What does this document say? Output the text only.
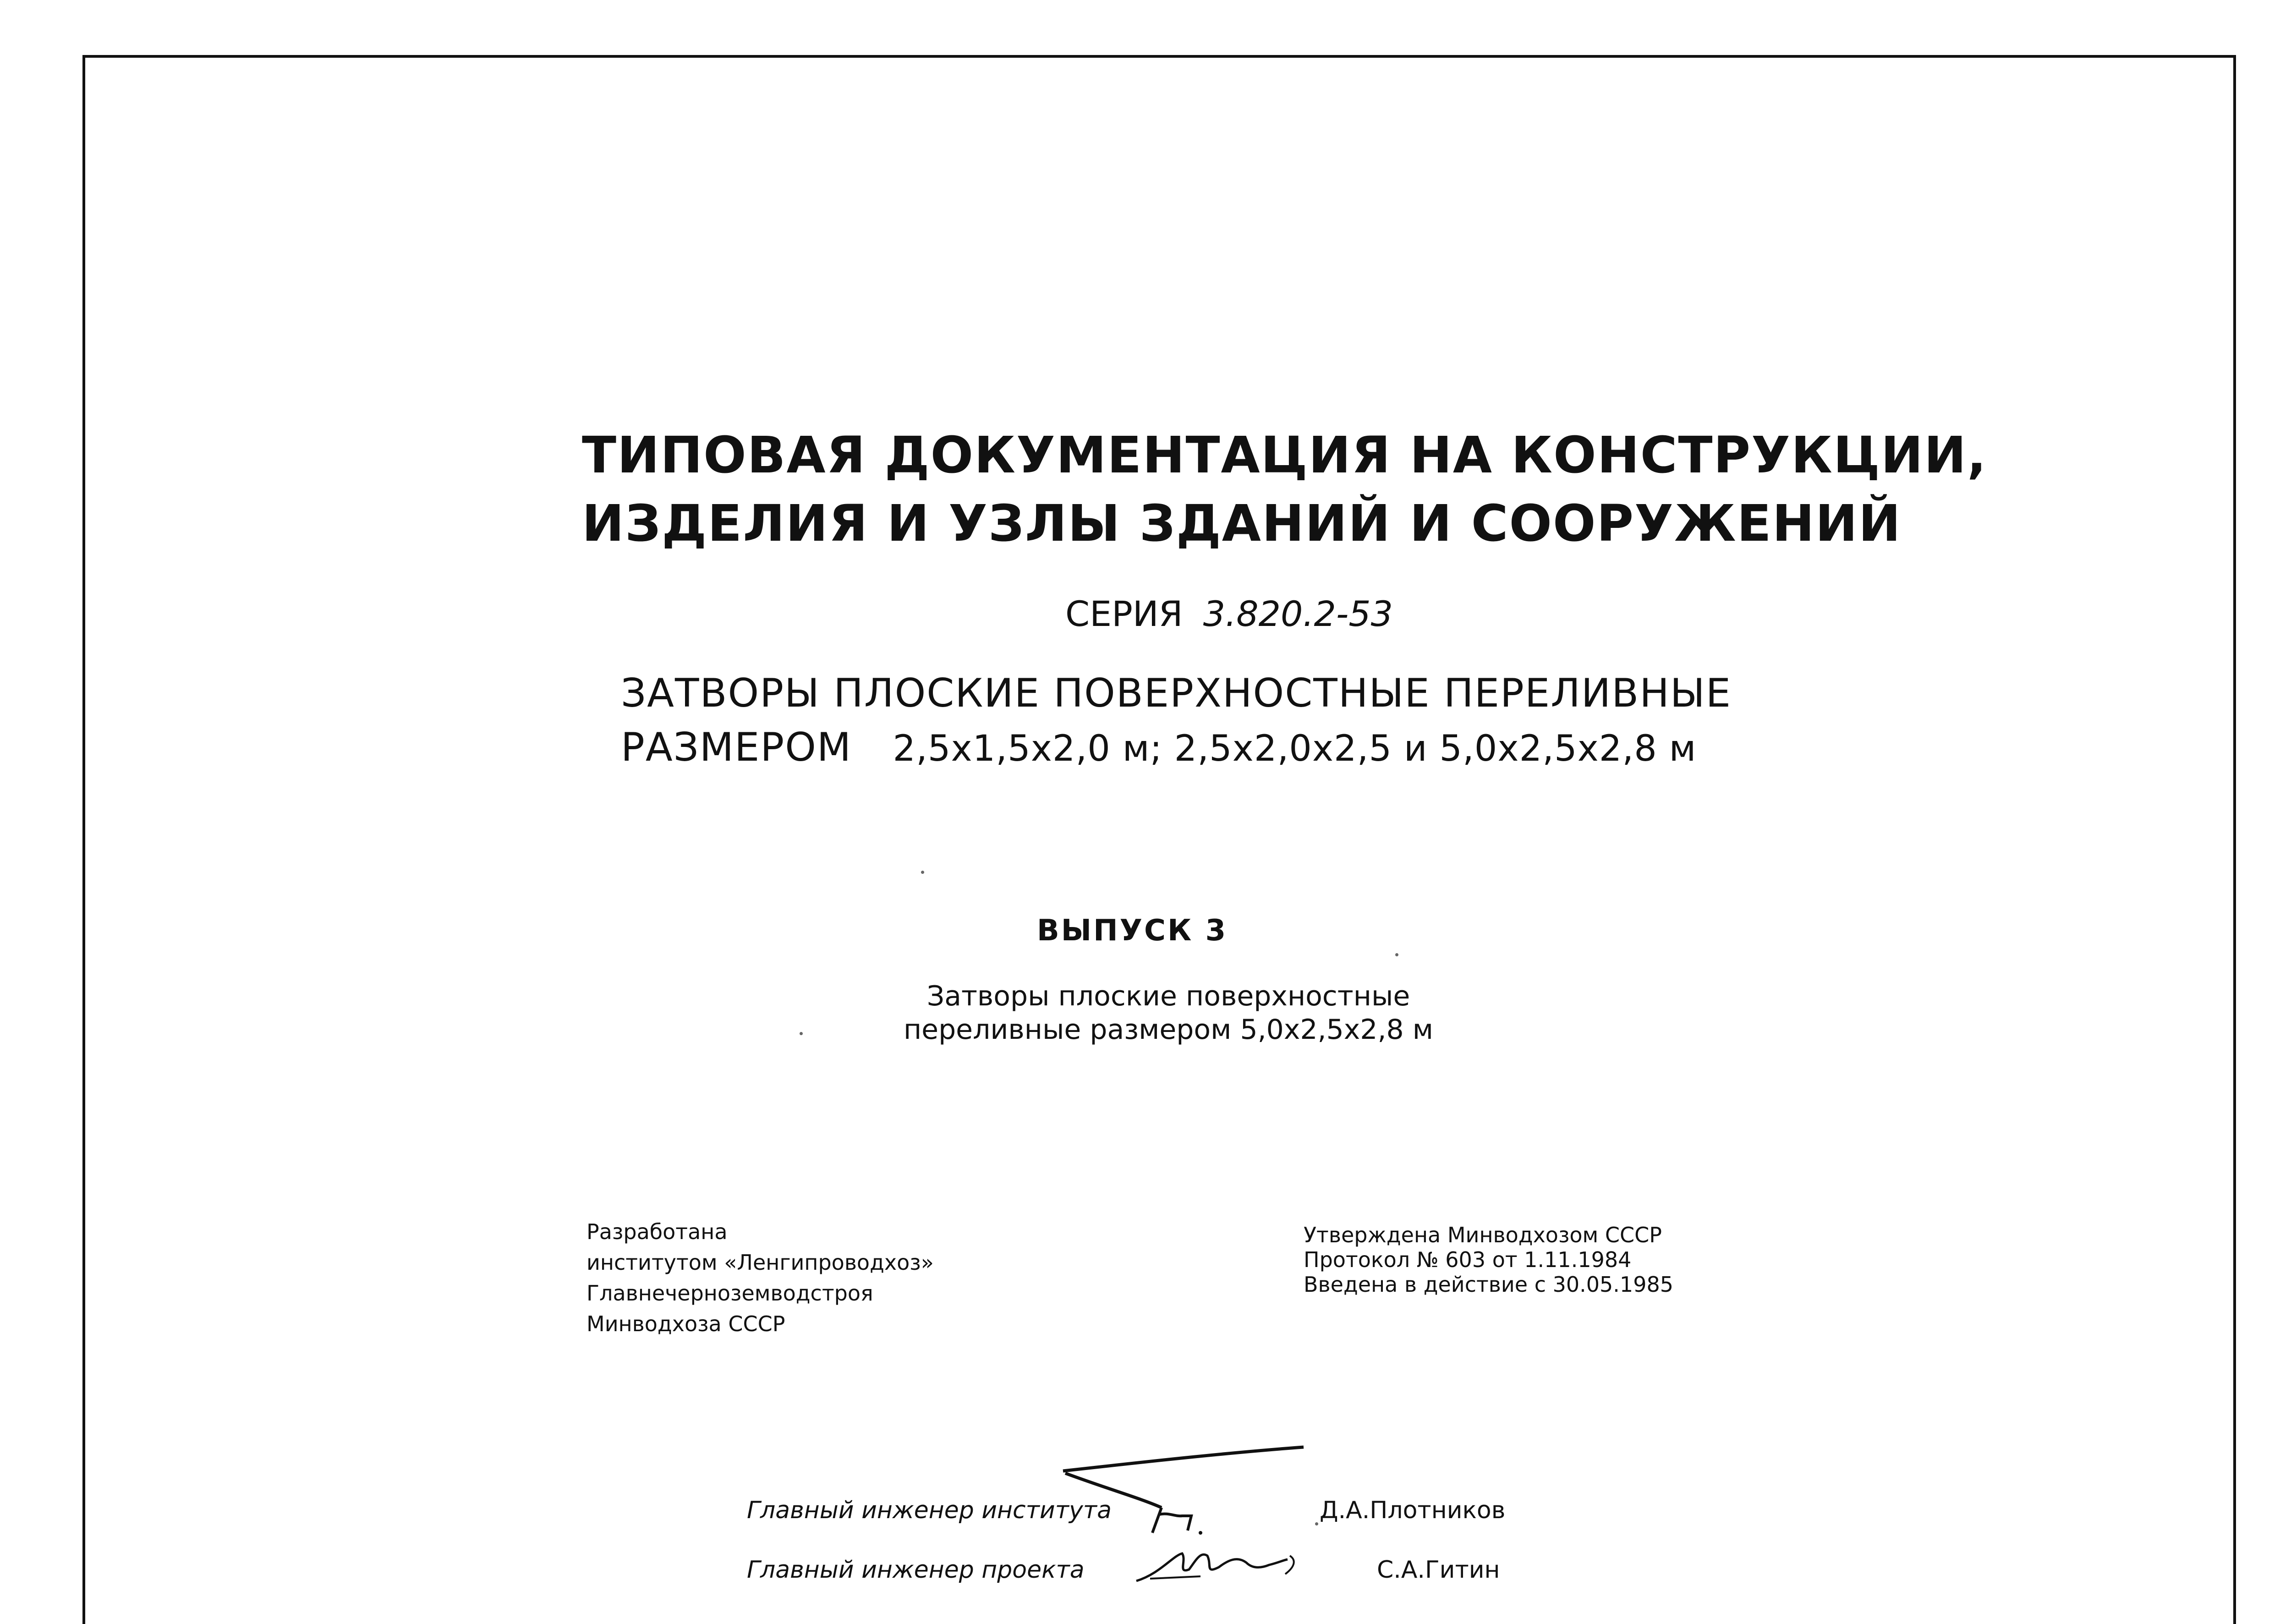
ТИПОВАЯ ДОКУМЕНТАЦИЯ НА КОНСТРУКЦИИ,
ИЗДЕЛИЯ И УЗЛЫ ЗДАНИЙ И СООРУЖЕНИЙ
СЕРИЯ 3.820.2-53
ЗАТВОРЫ ПЛОСКИЕ ПОВЕРХНОСТНЫЕ ПЕРЕЛИВНЫЕ
РАЗМЕРОМ 2,5x1,5x2,0 м; 2,5x2,0x2,5 и 5,0x2,5x2,8 м
ВЫПУСК 3
Затворы плоские поверхностные
переливные размером 5,0x2,5x2,8 м
Разработана
институтом «Ленгипроводхоз»
Главнечерноземводстроя
Минводхоза СССР
Утверждена Минводхозом СССР
Протокол № 603 от 1.11.1984
Введена в действие с 30.05.1985
Главный инженер института	Д.А.Плотников
Главный инженер проекта	С.А.Гитин
